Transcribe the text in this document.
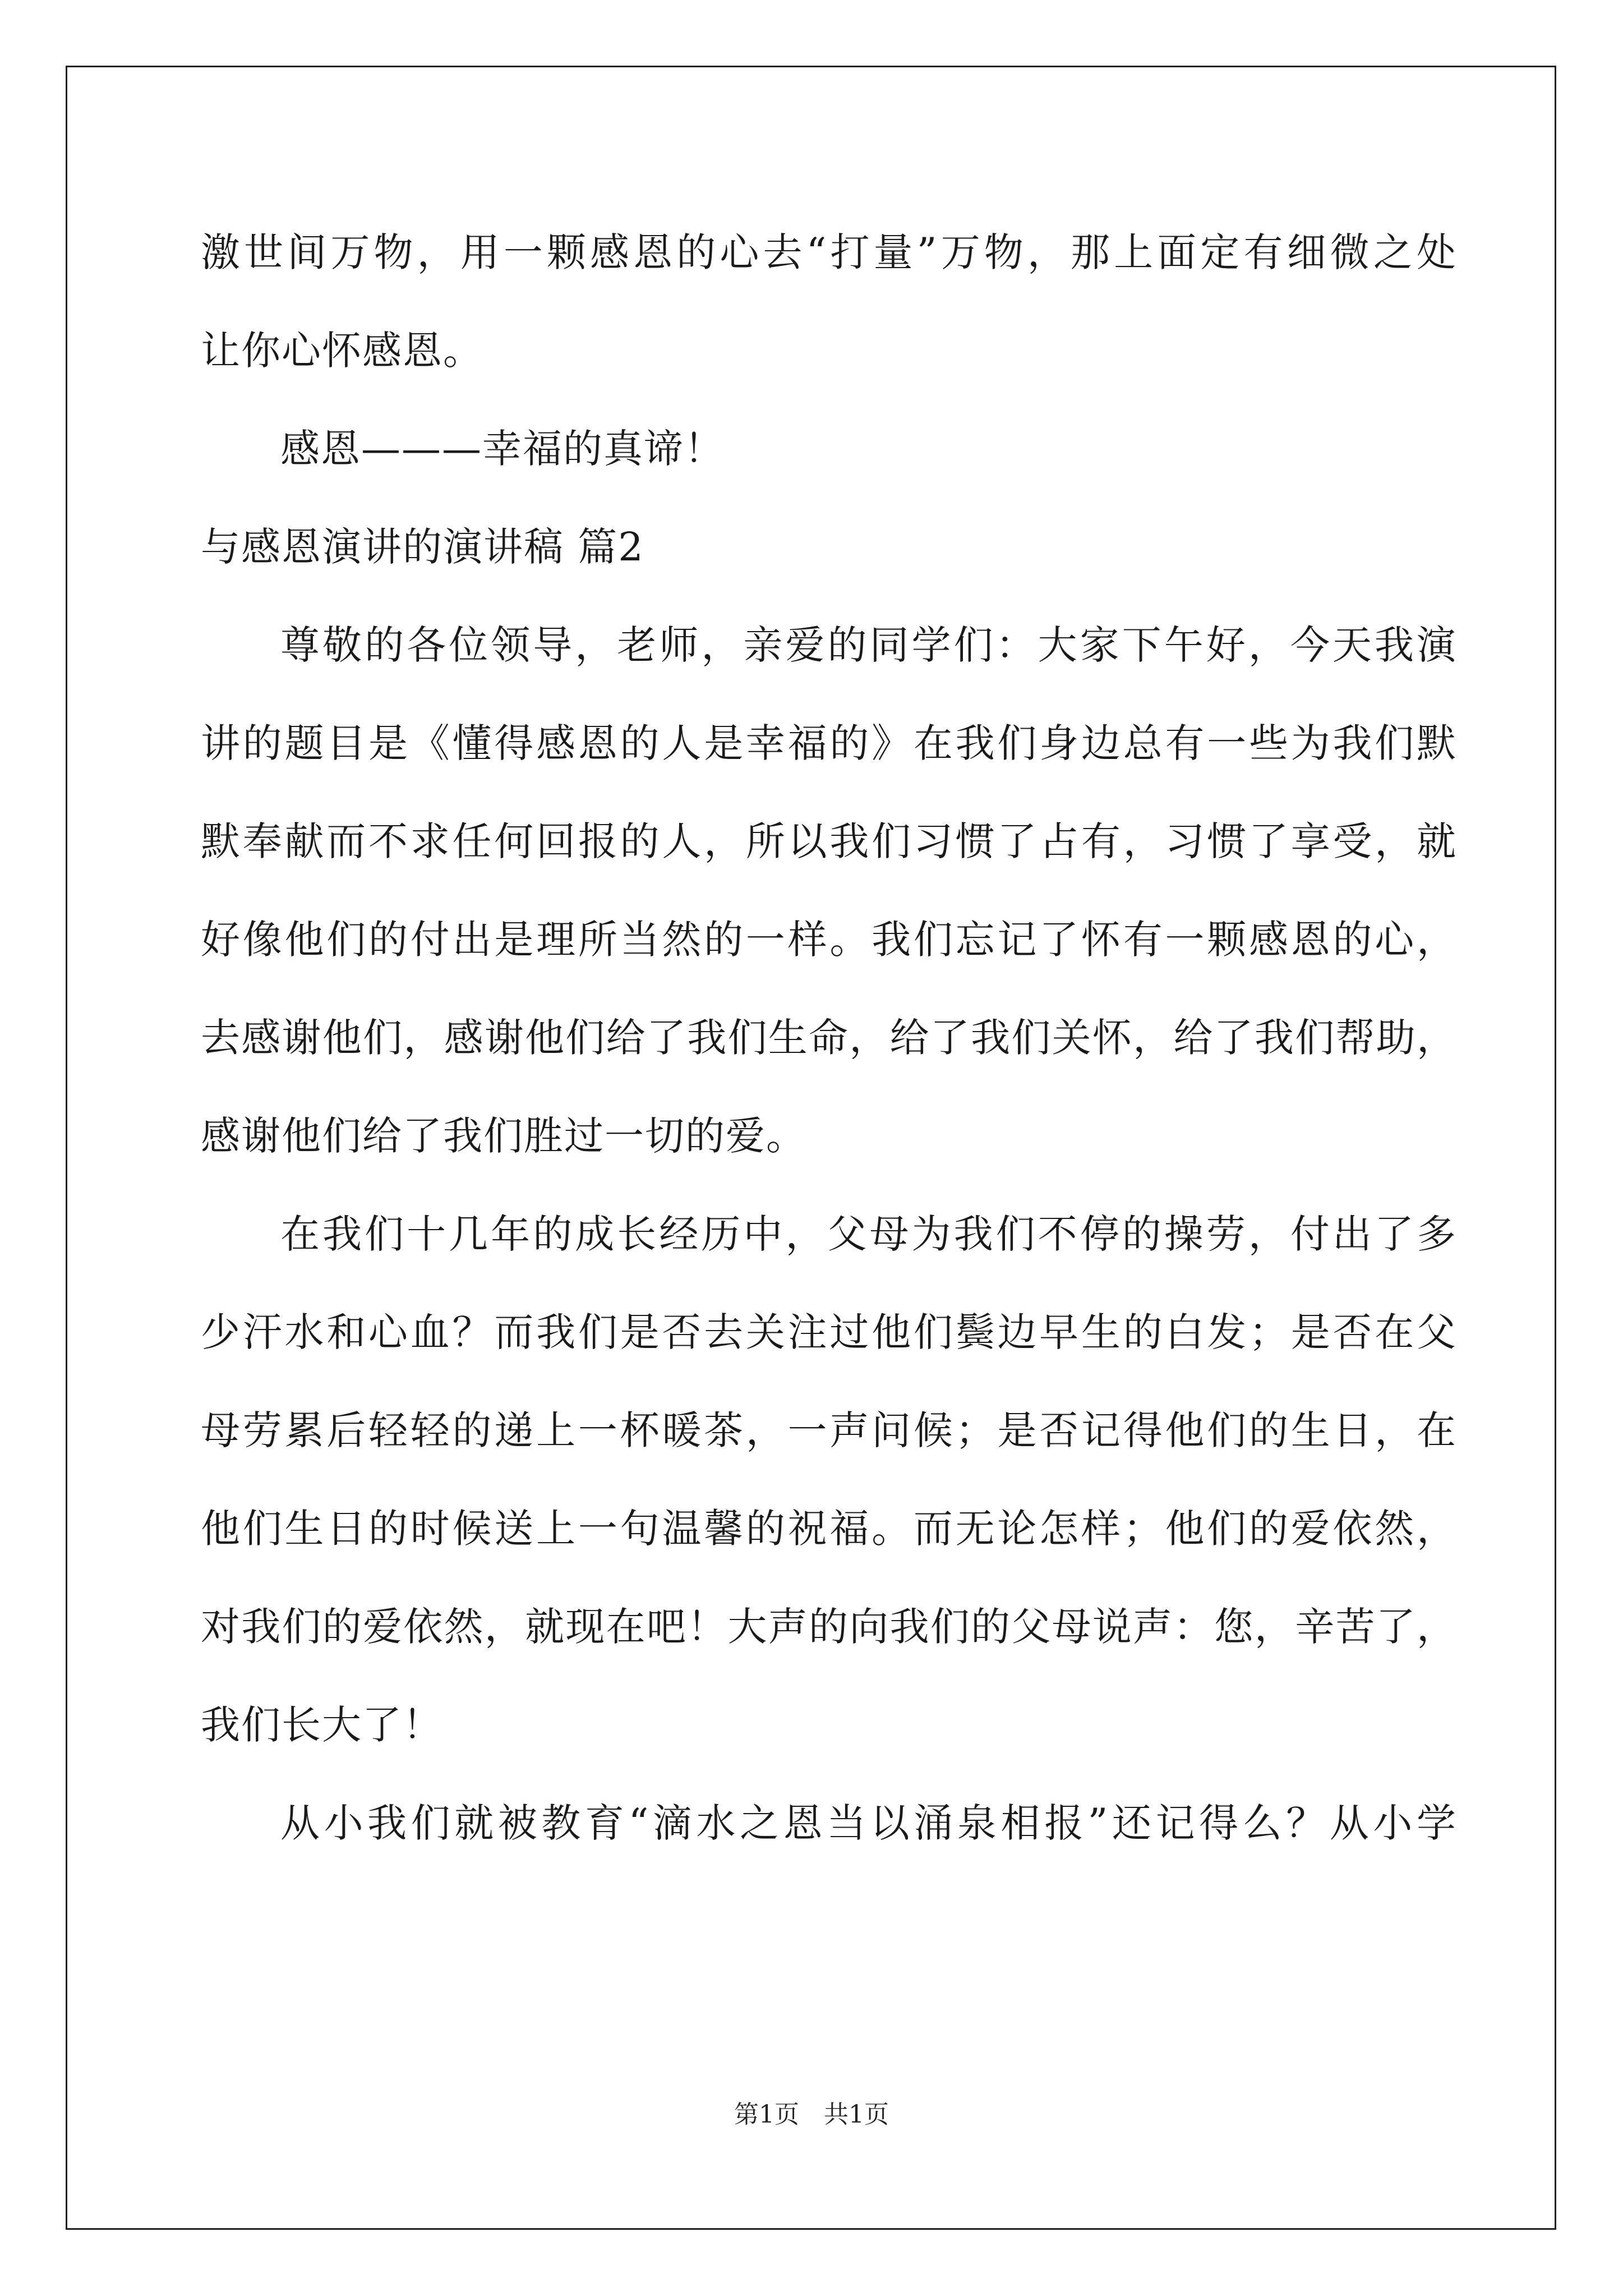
激世间万物，用一颗感恩的心去“打量”万物，那上面定有细微之处
让你心怀感恩。
感恩———幸福的真谛！
与感恩演讲的演讲稿 篇2
尊敬的各位领导，老师，亲爱的同学们：大家下午好，今天我演
讲的题目是《懂得感恩的人是幸福的》在我们身边总有一些为我们默
默奉献而不求任何回报的人，所以我们习惯了占有，习惯了享受，就
好像他们的付出是理所当然的一样。我们忘记了怀有一颗感恩的心，
去感谢他们，感谢他们给了我们生命，给了我们关怀，给了我们帮助，
感谢他们给了我们胜过一切的爱。
在我们十几年的成长经历中，父母为我们不停的操劳，付出了多
少汗水和心血？而我们是否去关注过他们鬓边早生的白发；是否在父
母劳累后轻轻的递上一杯暖茶，一声问候；是否记得他们的生日，在
他们生日的时候送上一句温馨的祝福。而无论怎样；他们的爱依然，
对我们的爱依然，就现在吧！大声的向我们的父母说声：您，辛苦了，
我们长大了！
从小我们就被教育“滴水之恩当以涌泉相报”还记得么？从小学
第1页　共1页
